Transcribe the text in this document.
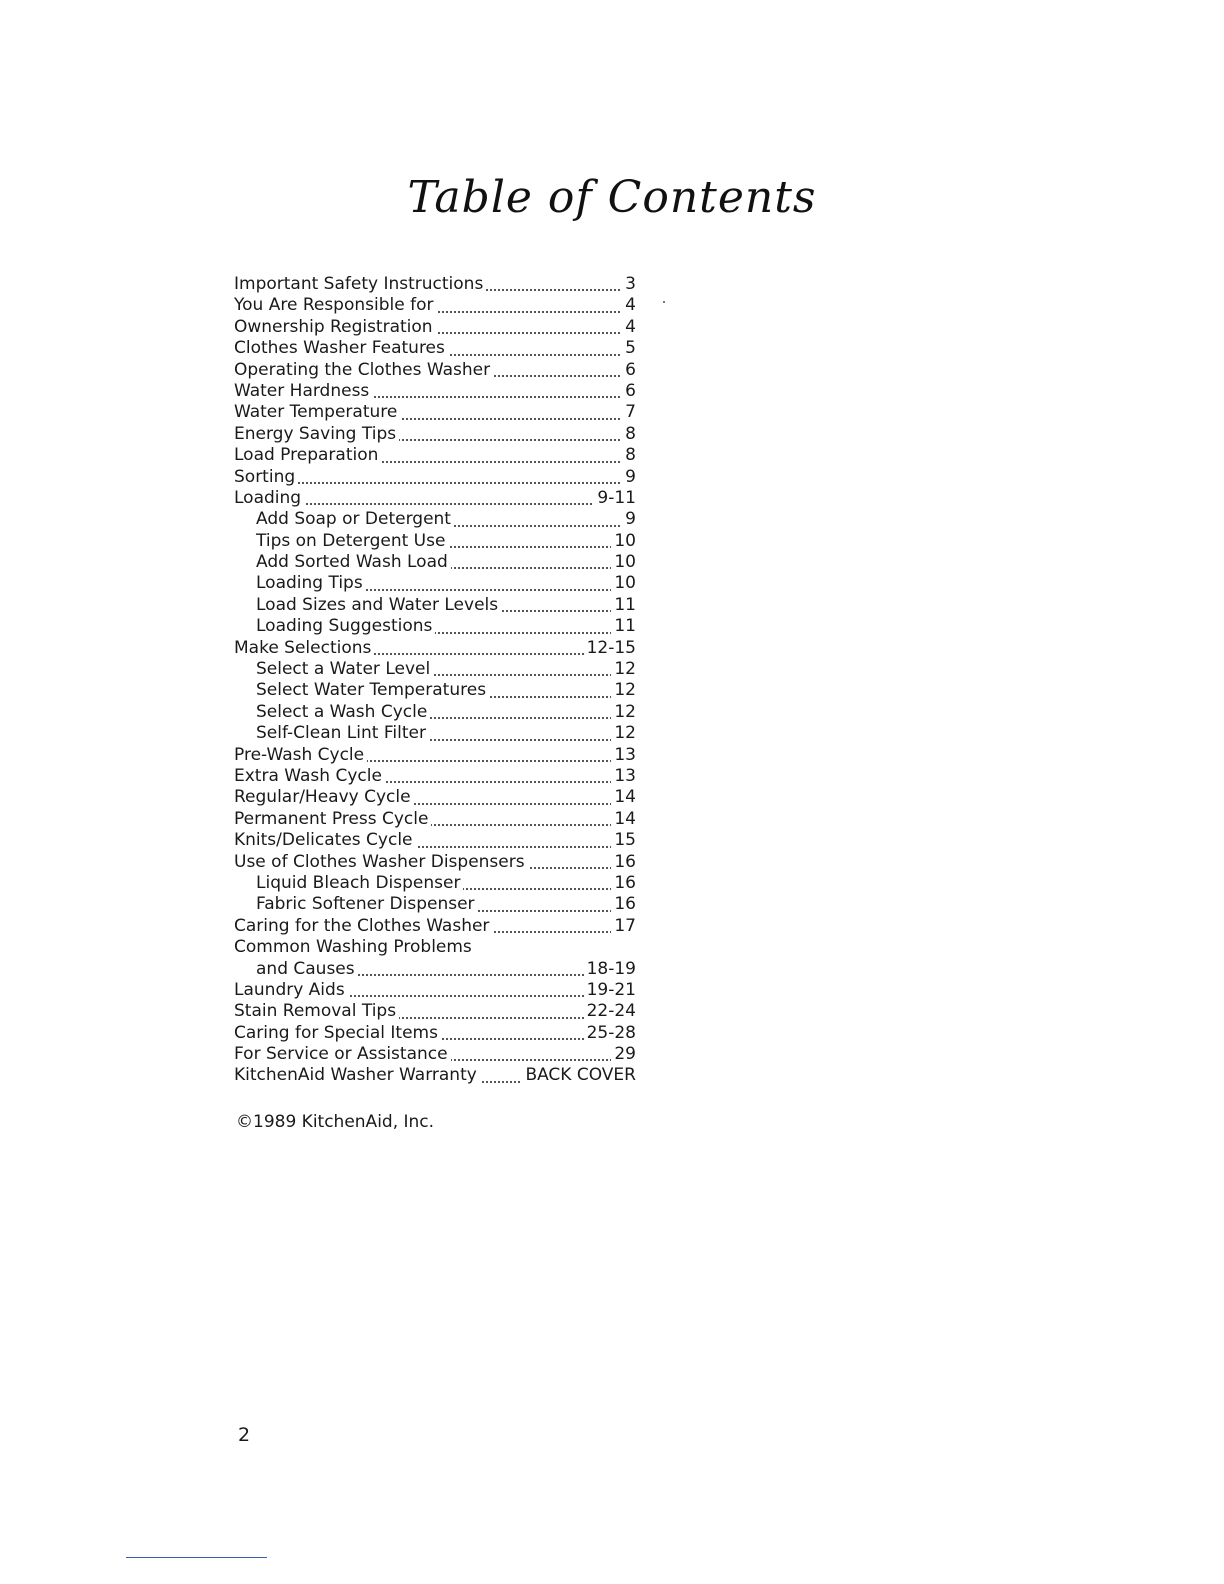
Table of Contents
Important Safety Instructions	3
You Are Responsible for	4
Ownership Registration	4
Clothes Washer Features	5
Operating the Clothes Washer	6
Water Hardness	6
Water Temperature	7
Energy Saving Tips	8
Load Preparation	8
Sorting	9
Loading	9-11
Add Soap or Detergent	9
Tips on Detergent Use	10
Add Sorted Wash Load	10
Loading Tips	10
Load Sizes and Water Levels	11
Loading Suggestions	11
Make Selections	12-15
Select a Water Level	12
Select Water Temperatures	12
Select a Wash Cycle	12
Self-Clean Lint Filter	12
Pre-Wash Cycle	13
Extra Wash Cycle	13
Regular/Heavy Cycle	14
Permanent Press Cycle	14
Knits/Delicates Cycle	15
Use of Clothes Washer Dispensers	16
Liquid Bleach Dispenser	16
Fabric Softener Dispenser	16
Caring for the Clothes Washer	17
Common Washing Problems
and Causes	18-19
Laundry Aids	19-21
Stain Removal Tips	22-24
Caring for Special Items	25-28
For Service or Assistance	29
KitchenAid Washer Warranty	BACK COVER

©1989 KitchenAid, Inc.

2
